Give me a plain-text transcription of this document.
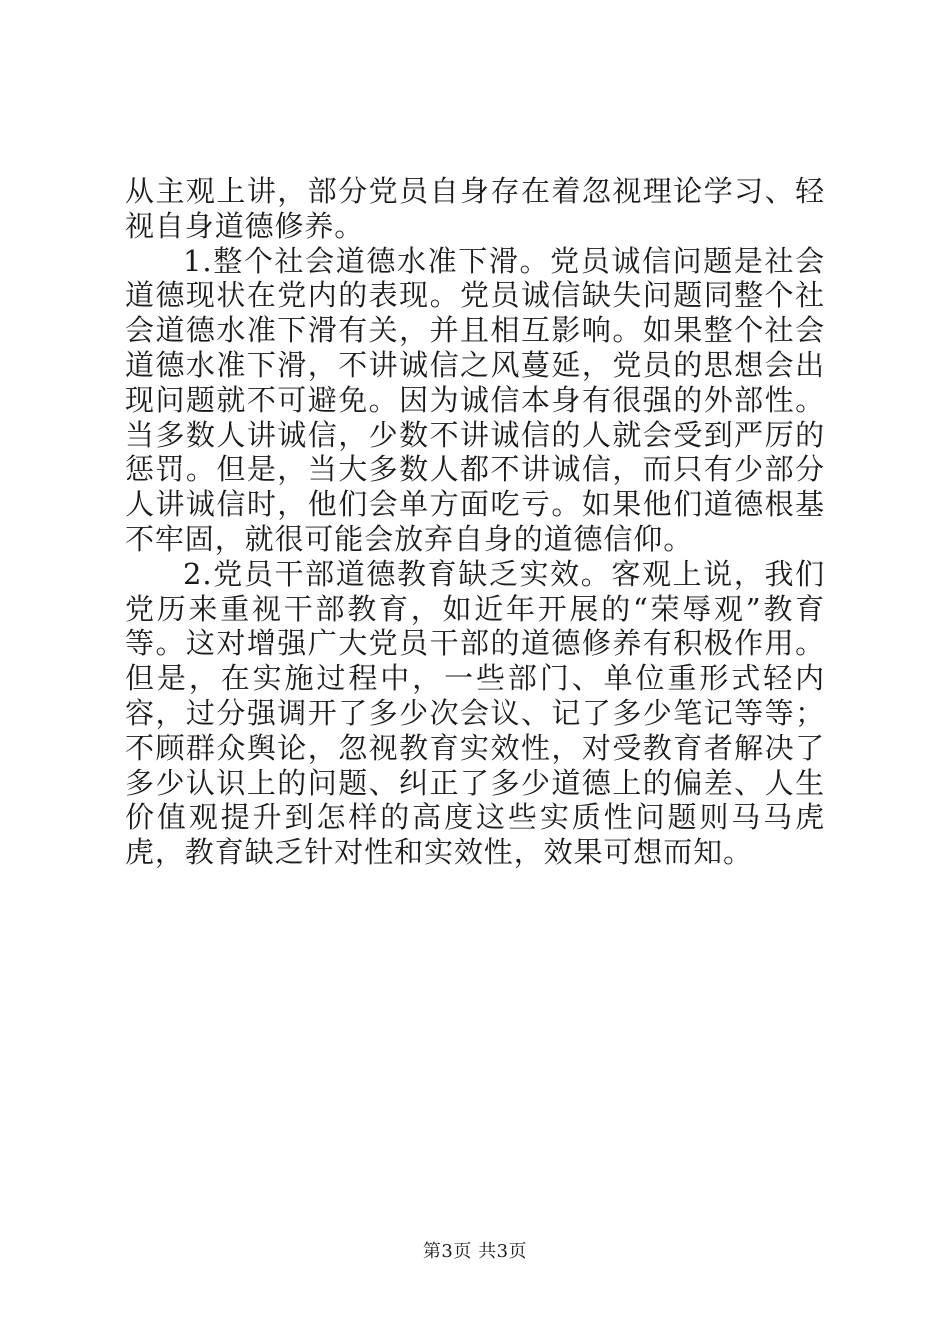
从主观上讲，部分党员自身存在着忽视理论学习、轻视自身道德修养。

1.整个社会道德水准下滑。党员诚信问题是社会道德现状在党内的表现。党员诚信缺失问题同整个社会道德水准下滑有关，并且相互影响。如果整个社会道德水准下滑，不讲诚信之风蔓延，党员的思想会出现问题就不可避免。因为诚信本身有很强的外部性。当多数人讲诚信，少数不讲诚信的人就会受到严厉的惩罚。但是，当大多数人都不讲诚信，而只有少部分人讲诚信时，他们会单方面吃亏。如果他们道德根基不牢固，就很可能会放弃自身的道德信仰。

2.党员干部道德教育缺乏实效。客观上说，我们党历来重视干部教育，如近年开展的“荣辱观”教育等。这对增强广大党员干部的道德修养有积极作用。但是，在实施过程中，一些部门、单位重形式轻内容，过分强调开了多少次会议、记了多少笔记等等；不顾群众舆论，忽视教育实效性，对受教育者解决了多少认识上的问题、纠正了多少道德上的偏差、人生价值观提升到怎样的高度这些实质性问题则马马虎虎，教育缺乏针对性和实效性，效果可想而知。

第3页 共3页
